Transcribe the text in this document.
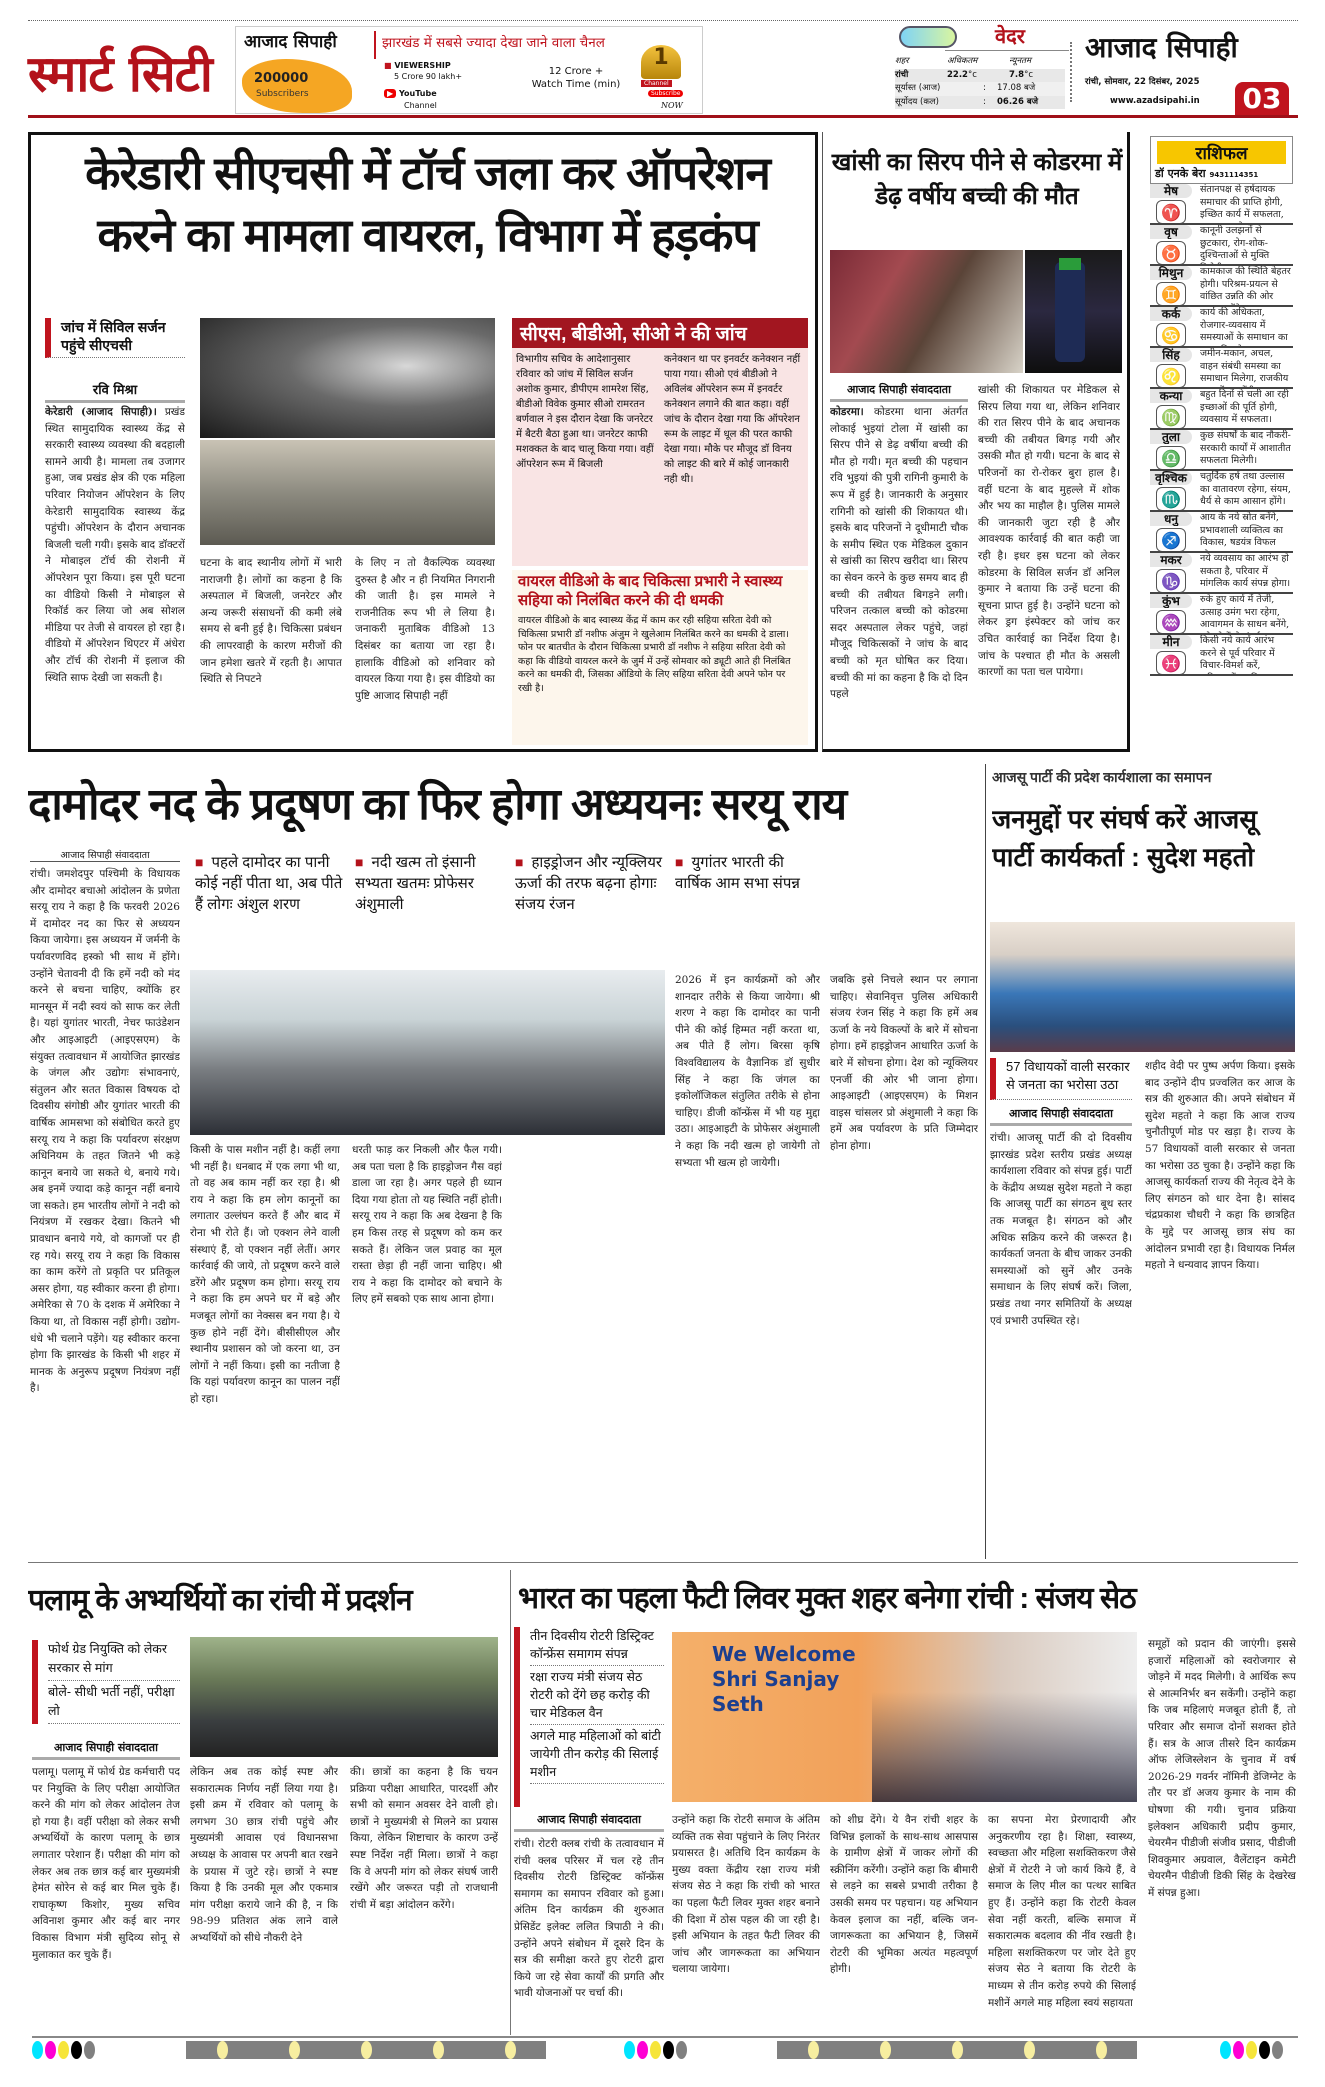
स्मार्ट सिटी
आजाद सिपाही	झारखंड में सबसे ज्यादा देखा जाने वाला चैनल
200000
Subscribers
■ VIEWERSHIP
5 Crore 90 lakh+	12 Crore +
Watch Time (min)
▶ YouTube
Channel
1
Channel
Subscribe
NOW
वेदर
शहर	अधिकतम	न्यूनतम
रांची	22.2°c	7.8°c
सूर्यास्त (आज)	:	17.08 बजे
सूर्योदय (कल)	:	06.26 बजे
आजाद सिपाही
रांची, सोमवार, 22 दिसंबर, 2025
www.azadsipahi.in 03
केरेडारी सीएचसी में टॉर्च जला कर ऑपरेशन
करने का मामला वायरल, विभाग में हड़कंप
जांच में सिविल सर्जन पहुंचे सीएचसी
रवि मिश्रा
केरेडारी (आजाद सिपाही)। प्रखंड स्थित सामुदायिक स्वास्थ्य केंद्र से सरकारी स्वास्थ्य व्यवस्था की बदहाली सामने आयी है। मामला तब उजागर हुआ, जब प्रखंड क्षेत्र की एक महिला परिवार नियोजन ऑपरेशन के लिए केरेडारी सामुदायिक स्वास्थ्य केंद्र पहुंची। ऑपरेशन के दौरान अचानक बिजली चली गयी। इसके बाद डॉक्टरों ने मोबाइल टॉर्च की रोशनी में ऑपरेशन पूरा किया। इस पूरी घटना का वीडियो किसी ने मोबाइल से रिकॉर्ड कर लिया जो अब सोशल मीडिया पर तेजी से वायरल हो रहा है। वीडियो में ऑपरेशन थिएटर में अंधेरा और टॉर्च की रोशनी में इलाज की स्थिति साफ देखी जा सकती है।
घटना के बाद स्थानीय लोगों में भारी नाराजगी है। लोगों का कहना है कि अस्पताल में बिजली, जनरेटर और अन्य जरूरी संसाधनों की कमी लंबे समय से बनी हुई है। चिकित्सा प्रबंधन की लापरवाही के कारण मरीजों की जान हमेशा खतरे में रहती है। आपात स्थिति से निपटने
के लिए न तो वैकल्पिक व्यवस्था दुरुस्त है और न ही नियमित निगरानी की जाती है। इस मामले ने राजनीतिक रूप भी ले लिया है। जनाकरी मुताबिक वीडिओ 13 दिसंबर का बताया जा रहा है। हालाकि वीडिओ को शनिवार को वायरल किया गया है। इस वीडियो का पुष्टि आजाद सिपाही नहीं
सीएस, बीडीओ, सीओ ने की जांच
विभागीय सचिव के आदेशानुसार रविवार को जांच में सिविल सर्जन अशोक कुमार, डीपीएम शामरेश सिंह, बीडीओ विवेक कुमार सीओ रामरतन बर्णवाल ने इस दौरान देखा कि जनरेटर में बैटरी बैठा हुआ था। जनरेटर काफी मशक्कत के बाद चालू किया गया। वहीं ऑपरेशन रूम में बिजली
कनेक्शन था पर इनवर्टर कनेक्शन नहीं पाया गया। सीओ एवं बीडीओ ने अविलंब ऑपरेशन रूम में इनवर्टर कनेक्शन लगाने की बात कहा। वहीं जांच के दौरान देखा गया कि ऑपरेशन रूम के लाइट में धूल की परत काफी देखा गया। मौके पर मौजूद डॉ विनय को लाइट की बारे में कोई जानकारी नही थी।
वायरल वीडिओ के बाद चिकित्सा प्रभारी ने स्वास्थ्य सहिया को निलंबित करने की दी धमकी
वायरल वीडिओ के बाद स्वास्थ्य केंद्र में काम कर रही सहिया सरिता देवी को चिकित्सा प्रभारी डॉ नशीफ अंजुम ने खुलेआम निलंबित करने का धमकी दे डाला। फोन पर बातचीत के दौरान चिकित्सा प्रभारी डॉ नशीफ ने सहिया सरिता देवी को कहा कि वीडियो वायरल करने के जुर्म में उन्हें सोमवार को ड्यूटी आते ही निलंबित करने का धमकी दी, जिसका ऑडियो के लिए सहिया सरिता देवी अपने फोन पर रखी है।
खांसी का सिरप पीने से कोडरमा में डेढ़ वर्षीय बच्ची की मौत
आजाद सिपाही संवाददाता
कोडरमा। कोडरमा थाना अंतर्गत लोकाई भुइयां टोला में खांसी का सिरप पीने से डेढ़ वर्षीया बच्ची की मौत हो गयी। मृत बच्ची की पहचान रवि भुइयां की पुत्री रागिनी कुमारी के रूप में हुई है। जानकारी के अनुसार रागिनी को खांसी की शिकायत थी। इसके बाद परिजनों ने दूधीमाटी चौक के समीप स्थित एक मेडिकल दुकान से खांसी का सिरप खरीदा था। सिरप का सेवन करने के कुछ समय बाद ही बच्ची की तबीयत बिगड़ने लगी। परिजन तत्काल बच्ची को कोडरमा सदर अस्पताल लेकर पहुंचे, जहां मौजूद चिकित्सकों ने जांच के बाद बच्ची को मृत घोषित कर दिया। बच्ची की मां का कहना है कि दो दिन पहले
खांसी की शिकायत पर मेडिकल से सिरप लिया गया था, लेकिन शनिवार की रात सिरप पीने के बाद अचानक बच्ची की तबीयत बिगड़ गयी और उसकी मौत हो गयी। घटना के बाद से परिजनों का रो-रोकर बुरा हाल है। वहीं घटना के बाद मुहल्ले में शोक और भय का माहौल है। पुलिस मामले की जानकारी जुटा रही है और आवश्यक कार्रवाई की बात कही जा रही है। इधर इस घटना को लेकर कोडरमा के सिविल सर्जन डॉ अनिल कुमार ने बताया कि उन्हें घटना की सूचना प्राप्त हुई है। उन्होंने घटना को लेकर ड्रग इंस्पेक्टर को जांच कर उचित कार्रवाई का निर्देश दिया है। जांच के पश्चात ही मौत के असली कारणों का पता चल पायेगा।
राशिफल
डॉ एनके बेरा 9431114351
मेष
♈
संतानपक्ष से हर्षदायक समाचार की प्राप्ति होगी, इच्छित कार्य में सफलता,
वृष
♉
कानूनी उलझनों से छुटकारा, रोग-शोक-दुश्चिन्ताओं से मुक्ति
मिथुन
♊
कामकाज की स्थिति बेहतर होगी। परिश्रम-प्रयत्न से वांछित उन्नति की ओर
कर्क
♋
कार्य की अधिकता, रोजगार-व्यवसाय में समस्याओं के समाधान का
सिंह
♌
जमीन-मकान, अचल, वाहन संबंधी समस्या का समाधान मिलेगा, राजकीय
कन्या
♍
बहुत दिनों से चली आ रही इच्छाओं की पूर्ति होगी, व्यवसाय में सफलता।
तुला
♎
कुछ संघर्षों के बाद नौकरी-सरकारी कार्यों में आशातीत सफलता मिलेगी।
वृश्चिक
♏
चतुर्दिक हर्ष तथा उल्लास का वातावरण रहेगा, संयम, धैर्य से काम आसान होंगे।
धनु
♐
आय के नये स्रोत बनेंगे, प्रभावशाली व्यक्तित्व का विकास, षडयंत्र विफल
मकर
♑
नये व्यवसाय का आरंभ हो सकता है, परिवार में मांगलिक कार्य संपन्न होगा।
कुंभ
♒
रुके हुए कार्य में तेजी, उत्साह उमंग भरा रहेगा, आवागमन के साधन बनेंगे,
मीन
♓
किसी नये कार्य आरंभ करने से पूर्व परिवार में विचार-विमर्श करें,
दामोदर नद के प्रदूषण का फिर होगा अध्ययनः सरयू राय
आजाद सिपाही संवाददाता
रांची। जमशेदपुर पश्चिमी के विधायक और दामोदर बचाओ आंदोलन के प्रणेता सरयू राय ने कहा है कि फरवरी 2026 में दामोदर नद का फिर से अध्ययन किया जायेगा। इस अध्ययन में जर्मनी के पर्यावरणविद हस्को भी साथ में होंगे। उन्होंने चेतावनी दी कि हमें नदी को मंद करने से बचना चाहिए, क्योंकि हर मानसून में नदी स्वयं को साफ कर लेती है। यहां युगांतर भारती, नेचर फाउंडेशन और आइआइटी (आइएसएम) के संयुक्त तत्वावधान में आयोजित झारखंड के जंगल और उद्योगः संभावनाएं, संतुलन और सतत विकास विषयक दो दिवसीय संगोष्ठी और युगांतर भारती की वार्षिक आमसभा को संबोधित करते हुए सरयू राय ने कहा कि पर्यावरण संरक्षण अधिनियम के तहत जितने भी कड़े कानून बनाये जा सकते थे, बनाये गये। अब इनमें ज्यादा कड़े कानून नहीं बनाये जा सकते। हम भारतीय लोगों ने नदी को नियंत्रण में रखकर देखा। कितने भी प्रावधान बनाये गये, वो कागजों पर ही रह गये। सरयू राय ने कहा कि विकास का काम करेंगे तो प्रकृति पर प्रतिकूल असर होगा, यह स्वीकार करना ही होगा। अमेरिका से 70 के दशक में अमेरिका ने किया था, तो विकास नहीं होगी। उद्योग-धंधे भी चलाने पड़ेंगे। यह स्वीकार करना होगा कि झारखंड के किसी भी शहर में मानक के अनुरूप प्रदूषण नियंत्रण नहीं है।
■ पहले दामोदर का पानी कोई नहीं पीता था, अब पीते हैं लोगः अंशुल शरण
■ नदी खत्म तो इंसानी सभ्यता खतमः प्रोफेसर अंशुमाली
■ हाइड्रोजन और न्यूक्लियर ऊर्जा की तरफ बढ़ना होगाः संजय रंजन
■ युगांतर भारती की वार्षिक आम सभा संपन्न
किसी के पास मशीन नहीं है। कहीं लगा भी नहीं है। धनबाद में एक लगा भी था, तो वह अब काम नहीं कर रहा है। श्री राय ने कहा कि हम लोग कानूनों का लगातार उल्लंघन करते हैं और बाद में रोना भी रोते हैं। जो एक्शन लेने वाली संस्थाएं हैं, वो एक्शन नहीं लेतीं। अगर कार्रवाई की जाये, तो प्रदूषण करने वाले डरेंगे और प्रदूषण कम होगा। सरयू राय ने कहा कि हम अपने घर में बड़े और मजबूत लोगों का नेक्सस बन गया है। ये कुछ होने नहीं देंगे। बीसीसीएल और स्थानीय प्रशासन को जो करना था, उन लोगों ने नहीं किया। इसी का नतीजा है कि यहां पर्यावरण कानून का पालन नहीं हो रहा।
धरती फाड़ कर निकली और फैल गयी। अब पता चला है कि हाइड्रोजन गैस वहां डाला जा रहा है। अगर पहले ही ध्यान दिया गया होता तो यह स्थिति नहीं होती। सरयू राय ने कहा कि अब देखना है कि हम किस तरह से प्रदूषण को कम कर सकते हैं। लेकिन जल प्रवाह का मूल रास्ता छेड़ा ही नहीं जाना चाहिए। श्री राय ने कहा कि दामोदर को बचाने के लिए हमें सबको एक साथ आना होगा।
2026 में इन कार्यक्रमों को और शानदार तरीके से किया जायेगा। श्री शरण ने कहा कि दामोदर का पानी पीने की कोई हिम्मत नहीं करता था, अब पीते हैं लोग। बिरसा कृषि विश्वविद्यालय के वैज्ञानिक डॉ सुधीर सिंह ने कहा कि जंगल का इकोलॉजिकल संतुलित तरीके से होना चाहिए। डीजी कॉन्फ्रेंस में भी यह मुद्दा उठा। आइआइटी के प्रोफेसर अंशुमाली ने कहा कि नदी खत्म हो जायेगी तो सभ्यता भी खत्म हो जायेगी।
जबकि इसे निचले स्थान पर लगाना चाहिए। सेवानिवृत्त पुलिस अधिकारी संजय रंजन सिंह ने कहा कि हमें अब ऊर्जा के नये विकल्पों के बारे में सोचना होगा। हमें हाइड्रोजन आधारित ऊर्जा के बारे में सोचना होगा। देश को न्यूक्लियर एनर्जी की ओर भी जाना होगा। आइआइटी (आइएसएम) के मिशन वाइस चांसलर प्रो अंशुमाली ने कहा कि हमें अब पर्यावरण के प्रति जिम्मेदार होना होगा।
आजसू पार्टी की प्रदेश कार्यशाला का समापन
जनमुद्दों पर संघर्ष करें आजसू पार्टी कार्यकर्ता : सुदेश महतो
57 विधायकों वाली सरकार से जनता का भरोसा उठा
आजाद सिपाही संवाददाता
रांची। आजसू पार्टी की दो दिवसीय झारखंड प्रदेश स्तरीय प्रखंड अध्यक्ष कार्यशाला रविवार को संपन्न हुई। पार्टी के केंद्रीय अध्यक्ष सुदेश महतो ने कहा कि आजसू पार्टी का संगठन बूथ स्तर तक मजबूत है। संगठन को और अधिक सक्रिय करने की जरूरत है। कार्यकर्ता जनता के बीच जाकर उनकी समस्याओं को सुनें और उनके समाधान के लिए संघर्ष करें। जिला, प्रखंड तथा नगर समितियों के अध्यक्ष एवं प्रभारी उपस्थित रहे।
शहीद वेदी पर पुष्प अर्पण किया। इसके बाद उन्होंने दीप प्रज्वलित कर आज के सत्र की शुरुआत की। अपने संबोधन में सुदेश महतो ने कहा कि आज राज्य चुनौतीपूर्ण मोड पर खड़ा है। राज्य के 57 विधायकों वाली सरकार से जनता का भरोसा उठ चुका है। उन्होंने कहा कि आजसू कार्यकर्ता राज्य की नेतृत्व देने के लिए संगठन को धार देना है। सांसद चंद्रप्रकाश चौधरी ने कहा कि छात्रहित के मुद्दे पर आजसू छात्र संघ का आंदोलन प्रभावी रहा है। विधायक निर्मल महतो ने धन्यवाद ज्ञापन किया।
पलामू के अभ्यर्थियों का रांची में प्रदर्शन
फोर्थ ग्रेड नियुक्ति को लेकर सरकार से मांग
बोले- सीधी भर्ती नहीं, परीक्षा लो
आजाद सिपाही संवाददाता
पलामू। पलामू में फोर्थ ग्रेड कर्मचारी पद पर नियुक्ति के लिए परीक्षा आयोजित करने की मांग को लेकर आंदोलन तेज हो गया है। वहीं परीक्षा को लेकर सभी अभ्यर्थियों के कारण पलामू के छात्र लगातार परेशान हैं। परीक्षा की मांग को लेकर अब तक छात्र कई बार मुख्यमंत्री हेमंत सोरेन से कई बार मिल चुके हैं। राघाकृष्ण किशोर, मुख्य सचिव अविनाश कुमार और कई बार नगर विकास विभाग मंत्री सुदिव्य सोनू से मुलाकात कर चुके हैं।
लेकिन अब तक कोई स्पष्ट और सकारात्मक निर्णय नहीं लिया गया है। इसी क्रम में रविवार को पलामू के लगभग 30 छात्र रांची पहुंचे और मुख्यमंत्री आवास एवं विधानसभा अध्यक्ष के आवास पर अपनी बात रखने के प्रयास में जुटे रहे। छात्रों ने स्पष्ट किया है कि उनकी मूल और एकमात्र मांग परीक्षा कराये जाने की है, न कि 98-99 प्रतिशत अंक लाने वाले अभ्यर्थियों को सीधे नौकरी देने
की। छात्रों का कहना है कि चयन प्रक्रिया परीक्षा आधारित, पारदर्शी और सभी को समान अवसर देने वाली हो। छात्रों ने मुख्यमंत्री से मिलने का प्रयास किया, लेकिन शिष्टाचार के कारण उन्हें स्पष्ट निर्देश नहीं मिला। छात्रों ने कहा कि वे अपनी मांग को लेकर संघर्ष जारी रखेंगे और जरूरत पड़ी तो राजधानी रांची में बड़ा आंदोलन करेंगे।
भारत का पहला फैटी लिवर मुक्त शहर बनेगा रांची : संजय सेठ
तीन दिवसीय रोटरी डिस्ट्रिक्ट कॉन्फ्रेंस समागम संपन्न
रक्षा राज्य मंत्री संजय सेठ रोटरी को देंगे छह करोड़ की चार मेडिकल वैन
अगले माह महिलाओं को बांटी जायेगी तीन करोड़ की सिलाई मशीन
आजाद सिपाही संवाददाता
रांची। रोटरी क्लब रांची के तत्वावधान में रांची क्लब परिसर में चल रहे तीन दिवसीय रोटरी डिस्ट्रिक्ट कॉन्फ्रेंस समागम का समापन रविवार को हुआ। अंतिम दिन कार्यक्रम की शुरुआत प्रेसिडेंट इलेक्ट ललित त्रिपाठी ने की। उन्होंने अपने संबोधन में दूसरे दिन के सत्र की समीक्षा करते हुए रोटरी द्वारा किये जा रहे सेवा कार्यों की प्रगति और भावी योजनाओं पर चर्चा की।
We Welcome Shri Sanjay Seth
उन्होंने कहा कि रोटरी समाज के अंतिम व्यक्ति तक सेवा पहुंचाने के लिए निरंतर प्रयासरत है। अतिथि दिन कार्यक्रम के मुख्य वक्ता केंद्रीय रक्षा राज्य मंत्री संजय सेठ ने कहा कि रांची को भारत का पहला फैटी लिवर मुक्त शहर बनाने की दिशा में ठोस पहल की जा रही है। इसी अभियान के तहत फैटी लिवर की जांच और जागरूकता का अभियान चलाया जायेगा।
को शीघ्र देंगे। ये वैन रांची शहर के विभिन्न इलाकों के साथ-साथ आसपास के ग्रामीण क्षेत्रों में जाकर लोगों की स्क्रीनिंग करेंगी। उन्होंने कहा कि बीमारी से लड़ने का सबसे प्रभावी तरीका है उसकी समय पर पहचान। यह अभियान केवल इलाज का नहीं, बल्कि जन-जागरूकता का अभियान है, जिसमें रोटरी की भूमिका अत्यंत महत्वपूर्ण होगी।
का सपना मेरा प्रेरणादायी और अनुकरणीय रहा है। शिक्षा, स्वास्थ्य, स्वच्छता और महिला सशक्तिकरण जैसे क्षेत्रों में रोटरी ने जो कार्य किये हैं, वे समाज के लिए मील का पत्थर साबित हुए हैं। उन्होंने कहा कि रोटरी केवल सेवा नहीं करती, बल्कि समाज में सकारात्मक बदलाव की नींव रखती है। महिला सशक्तिकरण पर जोर देते हुए संजय सेठ ने बताया कि रोटरी के माध्यम से तीन करोड़ रुपये की सिलाई मशीनें अगले माह महिला स्वयं सहायता
समूहों को प्रदान की जाएंगी। इससे हजारों महिलाओं को स्वरोजगार से जोड़ने में मदद मिलेगी। वे आर्थिक रूप से आत्मनिर्भर बन सकेंगी। उन्होंने कहा कि जब महिलाएं मजबूत होती हैं, तो परिवार और समाज दोनों सशक्त होते हैं। सत्र के आज तीसरे दिन कार्यक्रम ऑफ लेजिस्लेशन के चुनाव में वर्ष 2026-29 गवर्नर नॉमिनी डेजिग्नेट के तौर पर डॉ अजय कुमार के नाम की घोषणा की गयी। चुनाव प्रक्रिया इलेक्शन अधिकारी प्रदीप कुमार, चेयरमैन पीडीजी संजीव प्रसाद, पीडीजी शिवकुमार अग्रवाल, वैलेंटाइन कमेटी चेयरमैन पीडीजी डिकी सिंह के देखरेख में संपन्न हुआ।
